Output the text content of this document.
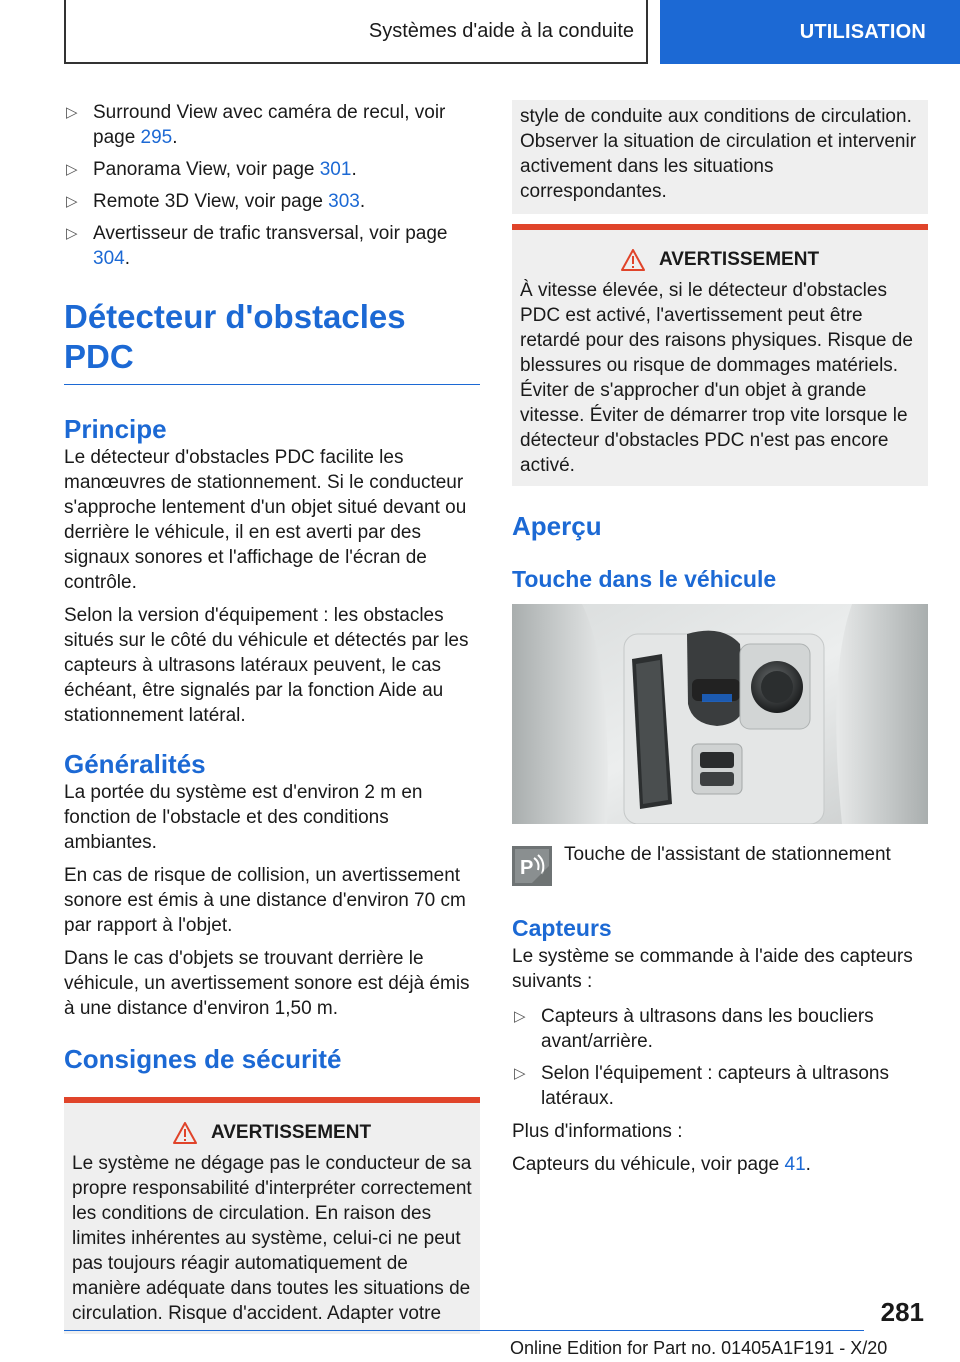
Systèmes d'aide à la conduite	UTILISATION
▷ Surround View avec caméra de recul, voir page 295.
▷ Panorama View, voir page 301.
▷ Remote 3D View, voir page 303.
▷ Avertisseur de trafic transversal, voir page 304.
Détecteur d'obstacles PDC
Principe

Le détecteur d'obstacles PDC facilite les manœuvres de stationnement. Si le conducteur s'approche lentement d'un objet situé devant ou derrière le véhicule, il en est averti par des signaux sonores et l'affichage de l'écran de contrôle.

Selon la version d'équipement : les obstacles situés sur le côté du véhicule et détectés par les capteurs à ultrasons latéraux peuvent, le cas échéant, être signalés par la fonction Aide au stationnement latéral.

Généralités

La portée du système est d'environ 2 m en fonction de l'obstacle et des conditions ambiantes.

En cas de risque de collision, un avertissement sonore est émis à une distance d'environ 70 cm par rapport à l'objet.

Dans le cas d'objets se trouvant derrière le véhicule, un avertissement sonore est déjà émis à une distance d'environ 1,50 m.

Consignes de sécurité
AVERTISSEMENT
Le système ne dégage pas le conducteur de sa propre responsabilité d'interpréter correctement les conditions de circulation. En raison des limites inhérentes au système, celui-ci ne peut pas toujours réagir automatiquement de manière adéquate dans toutes les situations de circulation. Risque d'accident. Adapter votre
style de conduite aux conditions de circulation. Observer la situation de circulation et intervenir activement dans les situations correspondantes.
AVERTISSEMENT
À vitesse élevée, si le détecteur d'obstacles PDC est activé, l'avertissement peut être retardé pour des raisons physiques. Risque de blessures ou risque de dommages matériels. Éviter de s'approcher d'un objet à grande vitesse. Éviter de démarrer trop vite lorsque le détecteur d'obstacles PDC n'est pas encore activé.
Aperçu
Touche dans le véhicule
P
Touche de l'assistant de stationnement
Capteurs

Le système se commande à l'aide des capteurs suivants :

▷ Capteurs à ultrasons dans les boucliers avant/arrière.
▷ Selon l'équipement : capteurs à ultrasons latéraux.

Plus d'informations :

Capteurs du véhicule, voir page 41.

281
Online Edition for Part no. 01405A1F191 - X/20
